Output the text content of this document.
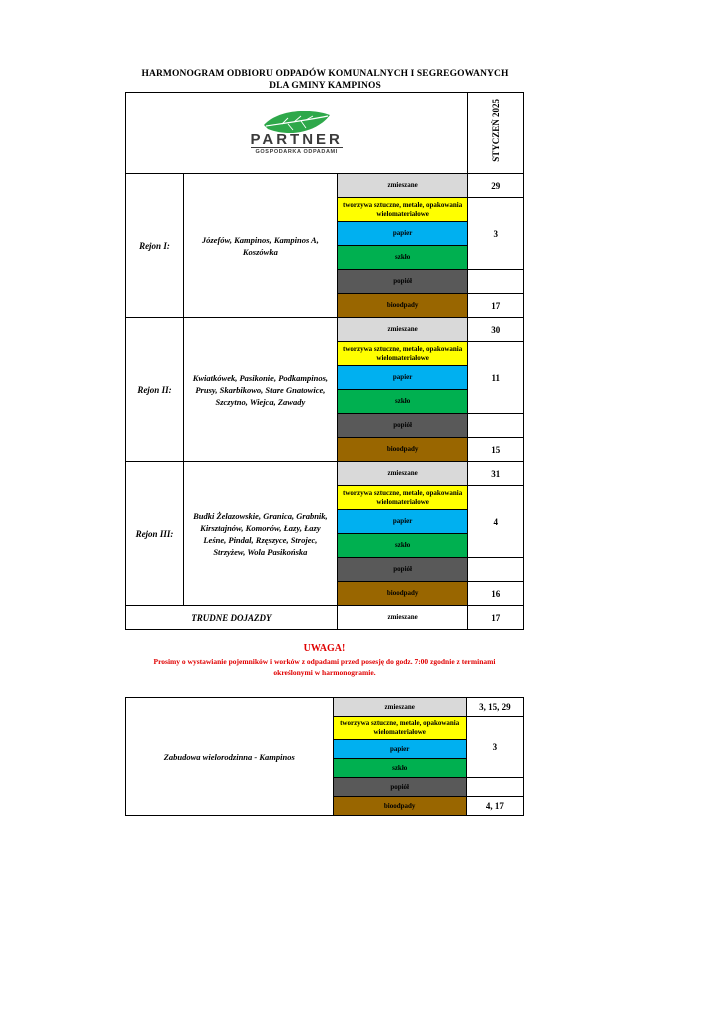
HARMONOGRAM ODBIORU ODPADÓW KOMUNALNYCH I SEGREGOWANYCH
DLA GMINY KAMPINOS
PARTNER
GOSPODARKA ODPADAMI			STYCZEŃ 2025
Rejon I:	Józefów, Kampinos, Kampinos A, Koszówka	zmieszane	29
		tworzywa sztuczne, metale, opakowania wielomateriałowe	3
		papier	
		szkło	
		popiół	
		bioodpady	17
Rejon II:	Kwiatkówek, Pasikonie, Podkampinos, Prusy, Skarbikowo, Stare Gnatowice, Szczytno, Wiejca, Zawady	zmieszane	30
		tworzywa sztuczne, metale, opakowania wielomateriałowe	11
		papier	
		szkło	
		popiół	
		bioodpady	15
Rejon III:	Budki Żelazowskie, Granica, Grabnik, Kirsztajnów, Komorów, Łazy, Łazy Leśne, Pindal, Rzęszyce, Strojec, Strzyżew, Wola Pasikońska	zmieszane	31
		tworzywa sztuczne, metale, opakowania wielomateriałowe	4
		papier	
		szkło	
		popiół	
		bioodpady	16
TRUDNE DOJAZDY		zmieszane	17
UWAGA!
Prosimy o wystawianie pojemników i worków z odpadami przed posesję do godz. 7:00 zgodnie z terminami
określonymi w harmonogramie.
Zabudowa wielorodzinna - Kampinos	zmieszane	3, 15, 29
	tworzywa sztuczne, metale, opakowania wielomateriałowe	3
	papier	
	szkło	
	popiół	
	bioodpady	4, 17
